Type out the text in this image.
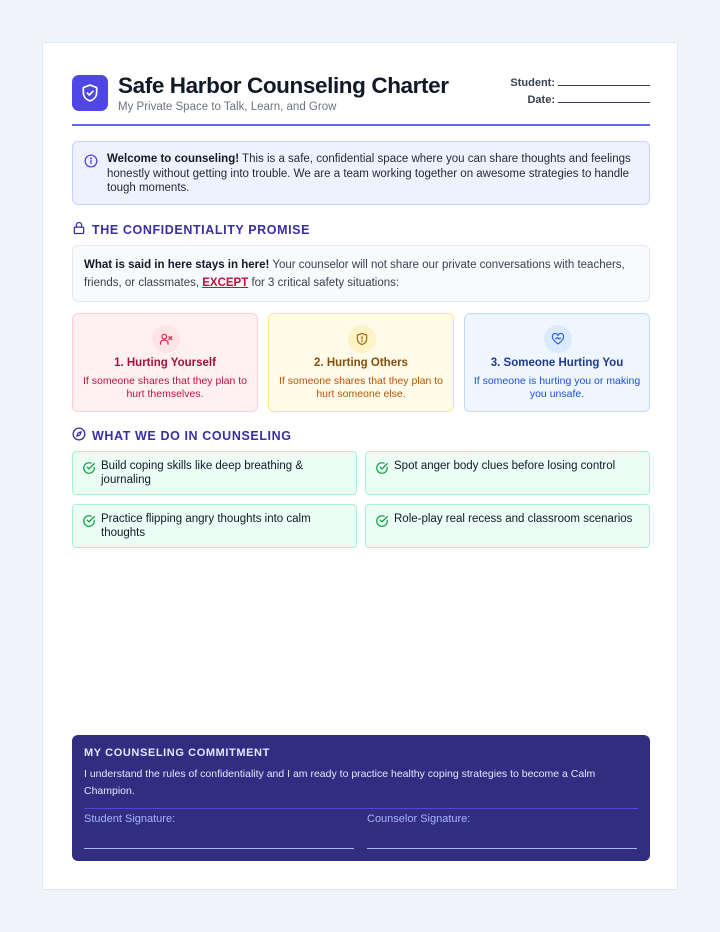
Safe Harbor Counseling Charter
My Private Space to Talk, Learn, and Grow
Student:
Date:
Welcome to counseling! This is a safe, confidential space where you can share thoughts and feelings honestly without getting into trouble. We are a team working together on awesome strategies to handle tough moments.
THE CONFIDENTIALITY PROMISE
What is said in here stays in here! Your counselor will not share our private conversations with teachers, friends, or classmates, EXCEPT for 3 critical safety situations:
1. Hurting Yourself
If someone shares that they plan to hurt themselves.
2. Hurting Others
If someone shares that they plan to hurt someone else.
3. Someone Hurting You
If someone is hurting you or making you unsafe.
WHAT WE DO IN COUNSELING
Build coping skills like deep breathing & journaling
Spot anger body clues before losing control
Practice flipping angry thoughts into calm thoughts
Role-play real recess and classroom scenarios
MY COUNSELING COMMITMENT
I understand the rules of confidentiality and I am ready to practice healthy coping strategies to become a Calm Champion.
Student Signature:	Counselor Signature:
